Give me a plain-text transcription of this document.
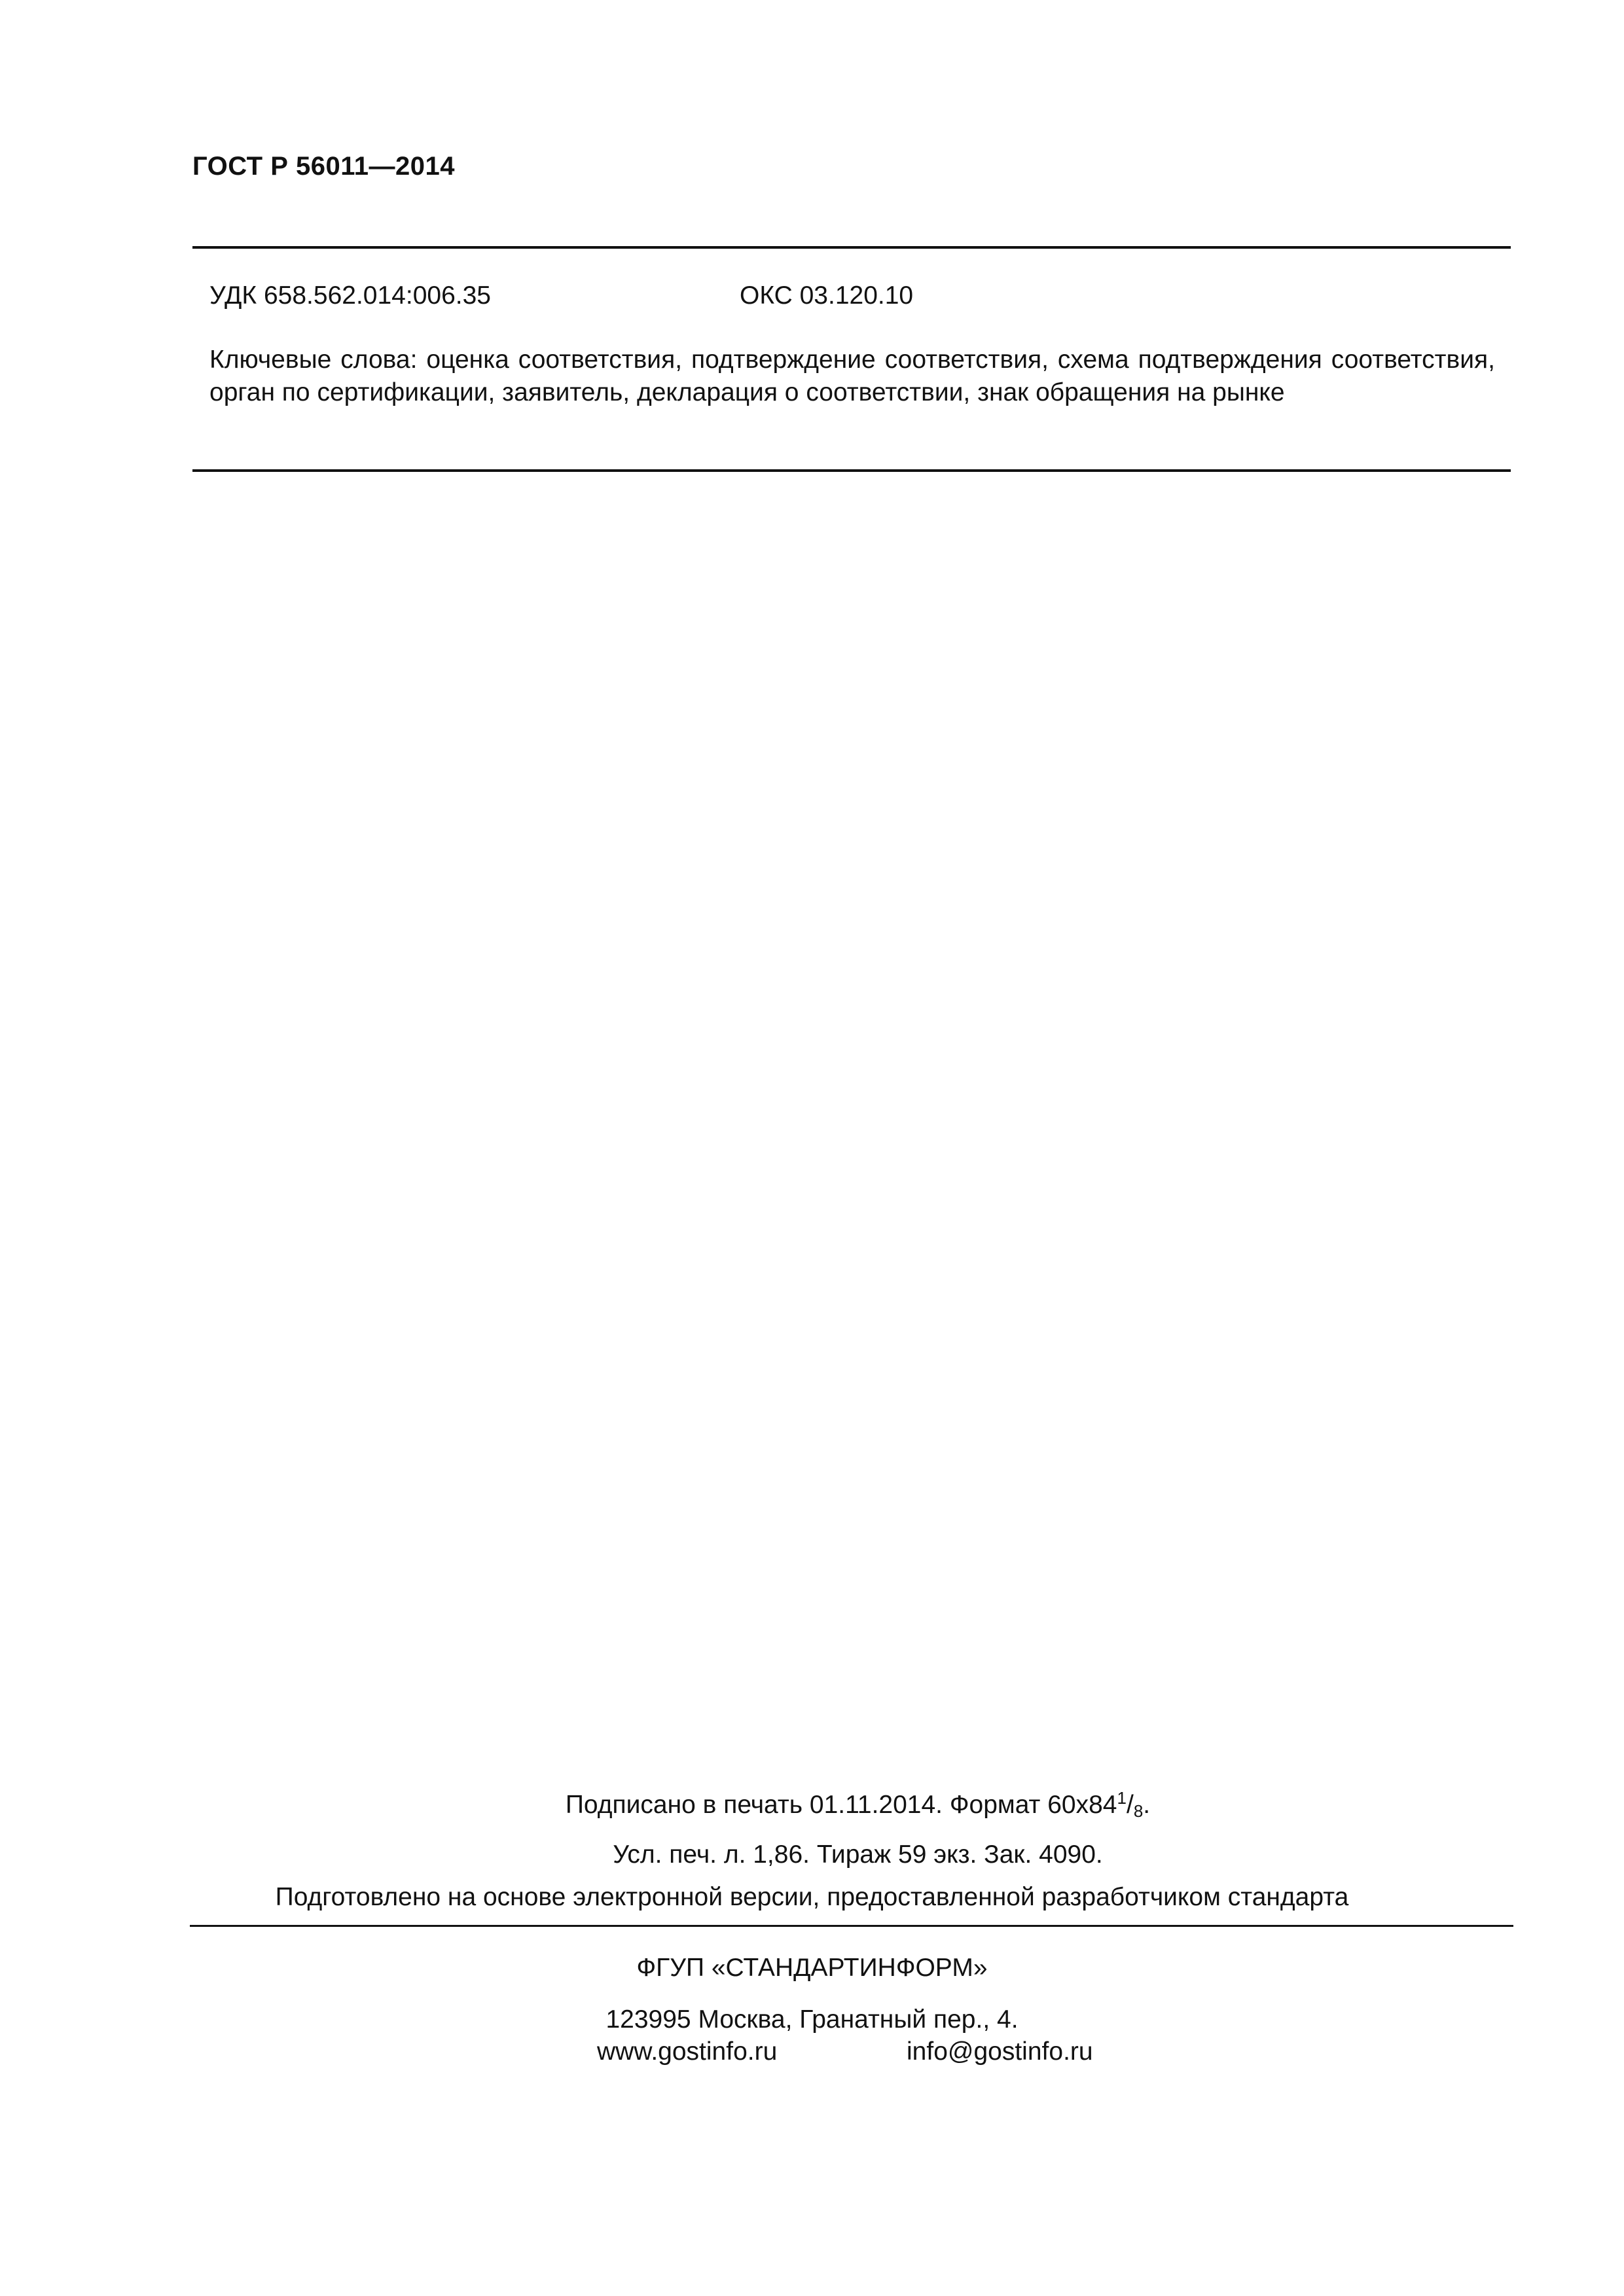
ГОСТ Р 56011—2014
УДК 658.562.014:006.35	ОКС 03.120.10
Ключевые слова: оценка соответствия, подтверждение соответствия, схема подтверждения соответствия, орган по сертификации, заявитель, декларация о соответствии, знак обращения на рынке
Подписано в печать 01.11.2014. Формат $60x84^1/_8$.
Усл. печ. л. 1,86. Тираж 59 экз. Зак. 4090.
Подготовлено на основе электронной версии, предоставленной разработчиком стандарта
ФГУП «СТАНДАРТИНФОРМ»
123995 Москва, Гранатный пер., 4.
www.gostinfo.ru	info@gostinfo.ru
